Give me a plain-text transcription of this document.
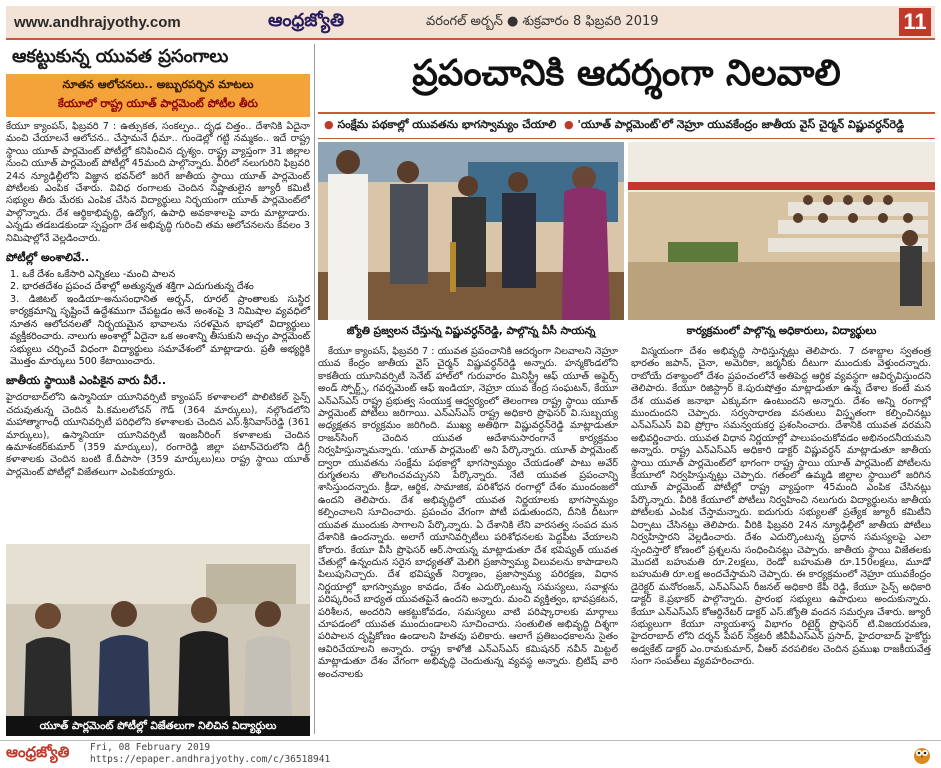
www.andhrajyothy.com	ఆంధ్రజ్యోతి	వరంగల్ అర్బన్ ● శుక్రవారం 8 ఫిబ్రవరి 2019	11
ఆకట్టుకున్న యువత ప్రసంగాలు
నూతన ఆలోచనలు.. అబ్బురపర్చిన మాటలు
కేయూలో రాష్ట్ర యూత్ పార్లమెంట్ పోటీల తీరు
కేయూ క్యాంపస్, ఫిబ్రవరి 7 : ఉత్సుకత, సంకల్పం.. దృఢ చిత్తం.. దేశానికి ఏదైనా మంచి చేయాలనే ఆలోచన.. చేస్తామనే ధీమా.. గుండెల్లో గట్టి నమ్మకం.. ఇదే రాష్ట్ర స్థాయి యూత్ పార్లమెంట్ పోటీల్లో కనిపించిన దృశ్యం. రాష్ట్ర వ్యాప్తంగా 31 జిల్లాల నుంచి యూత్ పార్లమెంట్ పోటీల్లో 45మంది పాల్గొన్నారు. వీరిలో నలుగురిని ఫిబ్రవరి 24న న్యూఢిల్లీలోని విజ్ఞాన భవన్‌లో జరిగే జాతీయ స్థాయి యూత్ పార్లమెంట్ పోటీలకు ఎంపిక చేశారు. వివిధ రంగాలకు చెందిన నిష్ణాతులైన జ్యూరీ కమిటీ సభ్యుల తీరు మేరకు ఎంపిక చేసిన విద్యార్థులు నిర్భయంగా యూత్ పార్లమెంట్‌లో పాల్గొన్నారు. దేశ ఆర్థికాభివృద్ధి, ఉద్యోగ, ఉపాధి అవకాశాలపై వారు మాట్లాడారు. ఎన్నడు తడబడకుండా స్పష్టంగా దేశ అభివృద్ధి గురించి తమ ఆలోచనలను కేవలం 3 నిమిషాల్లోనే వెల్లడించారు.
పోటీల్లో అంశాలివే..
1. ఒకే దేశం ఒకేసారి ఎన్నికలు -మంచి పాలన
2. భారతదేశం ప్రపంచ దేశాల్లో అత్యున్నత శక్తిగా ఎదుగుతున్న దేశం
3. డిజిటల్ ఇండియా-అనుసంధానిత అర్బన్, రూరల్ ప్రాంతాలకు సుస్థిర కార్యక్రమాన్ని సృష్టించే ఉద్దేశముగా చేపట్టడం అనే అంశంపై 3 నిమిషాల వ్యవధిలో నూతన ఆలోచనలతో నిర్భయమైన భావాలను సరళమైన భాషలో విద్యార్థులు వ్యక్తీకరించారు. నాలుగు అంశాల్లో ఏదైనా ఒక అంశాన్ని తీసుకుని అచ్చం పార్లమెంట్ సభ్యులు చర్చించే విధంగా విద్యార్థులు సమావేశంలో మాట్లాడారు. ప్రతీ అభ్యర్థికి మొత్తం మార్కులు 500 కేటాయించారు.
జాతీయ స్థాయికి ఎంపికైన వారు వీరే..
హైదరాబాద్‌లోని ఉస్మానియా యూనివర్సిటీ క్యాంపస్ కళాశాలలో పొలిటికల్ సైన్స్ చదువుతున్న చెందిన పి.కమలలోచన్ గౌడ్ (364 మార్కులు), నల్గొండలోని మహాత్మాగాంధీ యూనివర్సిటీ పరిధిలోని కళాశాలకు చెందిన ఎస్.శ్రీనివాస్‌రెడ్డి (361 మార్కులు), ఉస్మానియా యూనివర్సిటీ ఇంజనీరింగ్ కళాశాలకు చెందిన ఉమాశంకర్‌కుమార్ (359 మార్కులు), రంగారెడ్డి జిల్లా పటాన్‌చెరులోని డిగ్రీ కళాశాలకు చెందిన బంటి కే.దీపాసా (359 మార్కులు)లు రాష్ట్ర స్థాయి యూత్ పార్లమెంట్ పోటీల్లో విజేతలుగా ఎంపికయ్యారు.
యూత్ పార్లమెంట్ పోటీల్లో విజేతలుగా నిలిచిన విద్యార్థులు
ప్రపంచానికి ఆదర్శంగా నిలవాలి
● సంక్షేమ పథకాల్లో యువతను భాగస్వామ్యం చేయాలి ● 'యూత్ పార్లమెంట్'లో నెహ్రూ యువకేంద్రం జాతీయ వైస్ చైర్మన్ విష్ణువర్ధన్‌రెడ్డి
జ్యోతి ప్రజ్వలన చేస్తున్న విష్ణువర్ధన్‌రెడ్డి, పాల్గొన్న వీసీ సాయన్న	కార్యక్రమంలో పాల్గొన్న అధికారులు, విద్యార్థులు

కేయూ క్యాంపస్, ఫిబ్రవరి 7 : యువత ప్రపంచానికి ఆదర్శంగా నిలవాలని నెహ్రూ యువ కేంద్రం జాతీయ వైస్ చైర్మన్ విష్ణువర్ధన్‌రెడ్డి అన్నారు. హన్మకొండలోని కాకతీయ యూనివర్సిటీ సెనేట్ హాల్‌లో గురువారం మినిస్ట్రీ ఆఫ్ యూత్ అఫైర్స్ అండ్ స్పోర్ట్స్, గవర్నమెంట్ ఆఫ్ ఇండియా, నెహ్రూ యువ కేంద్ర సంఘటన్, కేయూ ఎన్‌ఎస్‌ఎస్ రాష్ట్ర ప్రభుత్వ సంయుక్త ఆధ్వర్యంలో తెలంగాణ రాష్ట్ర స్థాయి యూత్ పార్లమెంట్ పోటీలు జరిగాయి. ఎన్‌ఎస్‌ఎస్ రాష్ట్ర అధికారి ప్రొఫెసర్ వి.సుబ్బయ్య అధ్యక్షతన కార్యక్రమం జరిగింది. ముఖ్య అతిథిగా విష్ణువర్ధన్‌రెడ్డి మాట్లాడుతూ రాజన్‌సింగ్ చెందిన యువత ఆదేశానుసారంగానే కార్యక్రమం నిర్వహిస్తున్నామన్నారు. 'యూత్ పార్లమెంట్' అని పేర్కొన్నారు. యూత్ పార్లమెంట్ ద్వారా యువతను సంక్షేమ పథకాల్లో భాగస్వామ్యం చేయడంతో పాటు అవేర్ రుగ్మతలను తొలగించవచ్చునని పేర్కొన్నారు. నేటి యువత ప్రపంచాన్ని శాసిస్తుందన్నారు. క్రీడా, ఆర్థిక, సామాజిక, పరిశోధన రంగాల్లో దేశం ముందంజలో ఉందని తెలిపారు. దేశ అభివృద్ధిలో యువత నిర్ణయాలకు భాగస్వామ్యం కల్పించాలని సూచించారు. ప్రపంచం వేగంగా పోటీ పడుతుందని, దీనికి దీటుగా యువత ముందుకు సాగాలని పేర్కొన్నారు. ఏ దేశానికి లేని వారసత్వ సంపద మన దేశానికి ఉందన్నారు. అలాగే యూనివర్సిటీలు పరిశోధనలకు పెద్దపీట వేయాలని కోరారు. కేయూ వీసీ ప్రొఫెసర్ ఆర్.సాయన్న మాట్లాడుతూ దేశ భవిష్యత్ యువత చేతుల్లో ఉన్నందున సరైన బాధ్యతతో మెలిగి ప్రజాస్వామ్య విలువలను కాపాడాలని పిలుపునిచ్చారు. దేశ భవిష్యత్ నిర్మాణం, ప్రజాస్వామ్య పరిరక్షణ, విధాన నిర్ణయాల్లో భాగస్వామ్యం కావడం, దేశం ఎదుర్కొంటున్న సమస్యలు, సవాళ్లను పరిష్కరించే బాధ్యత యువతపైనే ఉందని అన్నారు. మంచి వ్యక్తిత్వం, భావప్రకటన, పరిశీలన, అందరిని ఆకట్టుకోవడం, సమస్యలు వాటి పరిష్కారాలకు మార్గాలు చూపడంలో యువత ముందుండాలని సూచించారు. సంతులిత అభివృద్ధి దిశ్శగా పరిపాలన దృష్టికోణం ఉండాలని హితవు పలికారు. ఆలాగే ప్రతిబంధకాలను సైతం ఆవిరిచేయాలని అన్నారు. రాష్ట్ర కాళోజీ ఎన్‌ఎస్‌ఎస్ కమిషనర్ నవీన్ మిట్టల్ మాట్లాడుతూ దేశం వేగంగా అభివృద్ధి చెందుతున్న వ్యవస్థ అన్నారు. బ్రిటిష్ వారి అంచనాలకు

విస్మయంగా దేశం అభివృద్ధి సాధిస్తున్నట్లు తెలిపారు. 7 దశాబ్దాల స్వతంత్ర భారతం జపాన్, చైనా, అమెరికా, జర్మనీకు దీటుగా ముందుకు వెళ్తుందన్నారు. రాబోయే దశాబ్దంలో దేశం ప్రపంచంలోనే అతిపెద్ద ఆర్థిక వ్యవస్థగా ఆవిర్భవిస్తుందని తెలిపారు. కేయూ రిజిస్ట్రార్ కె.పురుషోత్తం మాట్లాడుతూ ఉన్న దేశాల కంటే మన దేశ యువత జనాభా ఎక్కువగా ఉంటుందని అన్నారు. దేశం అన్ని రంగాల్లో ముందుందని చెప్పారు. సర్వసాధారణ వసతులు విస్తృతంగా కల్పించినట్లు ఎన్‌ఎస్‌ఎస్ వివి ప్రోగ్రాం సమన్వయకర్త ప్రశంసించారు. దేశానికి యువత వరమని అభివర్ణించారు. యువత విధాన నిర్ణయాల్లో పాలుపంచుకోవడం అభినందనీయమని అన్నారు. రాష్ట్ర ఎన్‌ఎస్‌ఎస్ అధికారి డాక్టర్ విష్ణువర్ధన్ మాట్లాడుతూ జాతీయ స్థాయి యూత్ పార్లమెంట్‌లో భాగంగా రాష్ట్ర స్థాయి యూత్ పార్లమెంట్ పోటీలను కేయూలో నిర్వహిస్తున్నట్లు చెప్పారు. గతంలో ఉమ్మడి జిల్లాల స్థాయిలో జరిగిన యూత్ పార్లమెంట్ పోటీల్లో రాష్ట్ర వ్యాప్తంగా 45మంది ఎంపిక చేసినట్లు పేర్కొన్నారు. వీరికి కేయూలో పోటీలు నిర్వహించి నలుగురు విద్యార్థులను జాతీయ పోటీలకు ఎంపిక చేస్తామన్నారు. ఐదుగురు సభ్యులతో ప్రత్యేక జ్యూరీ కమిటీని ఏర్పాటు చేసినట్లు తెలిపారు. వీరికి ఫిబ్రవరి 24న న్యూఢిల్లీలో జాతీయ పోటీలు నిర్వహిస్తారని వెల్లడించారు. దేశం ఎదుర్కొంటున్న ప్రధాన సమస్యలపై ఎలా స్పందిస్తారో కోణంలో ప్రశ్నలను సంధించినట్లు చెప్పారు. జాతీయ స్థాయి విజేతలకు మొదటి బహుమతి రూ.2లక్షలు, రెండో బహుమతి రూ.150లక్షలు, మూడో బహుమతి రూ.లక్ష అందచేస్తామని చెప్పారు. ఈ కార్యక్రమంలో నెహ్రూ యువకేంద్రం డైరెక్టర్ మనోరంజన్, ఎన్‌ఎస్‌ఎస్ రీజనల్ అధికారి కేపీ రెడ్డి, కేయూ సైన్స్ అధికారి డాక్టర్ కె.ప్రభాకర్ పాల్గొన్నారు. ప్రారంభ సభ్యులు ఉపాధులు అందుకున్నారు. కేయూ ఎన్‌ఎస్‌ఎస్ కోఆర్డినేటర్ డాక్టర్ ఎస్.జ్యోతి వందన సమర్పణ చేశారు. జ్యూరీ సభ్యులుగా కేయూ న్యాయశాస్త్ర విభాగం రిటైర్డ్ ప్రొఫెసర్ టి.విజయరమణ, హైదరాబాద్ లోని దర్శన్ పేపర్ సెక్రటరీ జీవీపీఎస్‌ఎన్ ప్రసాద్, హైదరాబాద్ హైకోర్టు అడ్వకేట్ డాక్టర్ ఎం.రామకుమార్, వీఆర్ వరపలికల చెందిన ప్రముఖ రాజకీయవేత్త సంగా సంపత్‌లు వ్యవహరించారు.

ఆంధ్రజ్యోతి Fri, 08 February 2019
https://epaper.andhrajyothy.com/c/36518941
